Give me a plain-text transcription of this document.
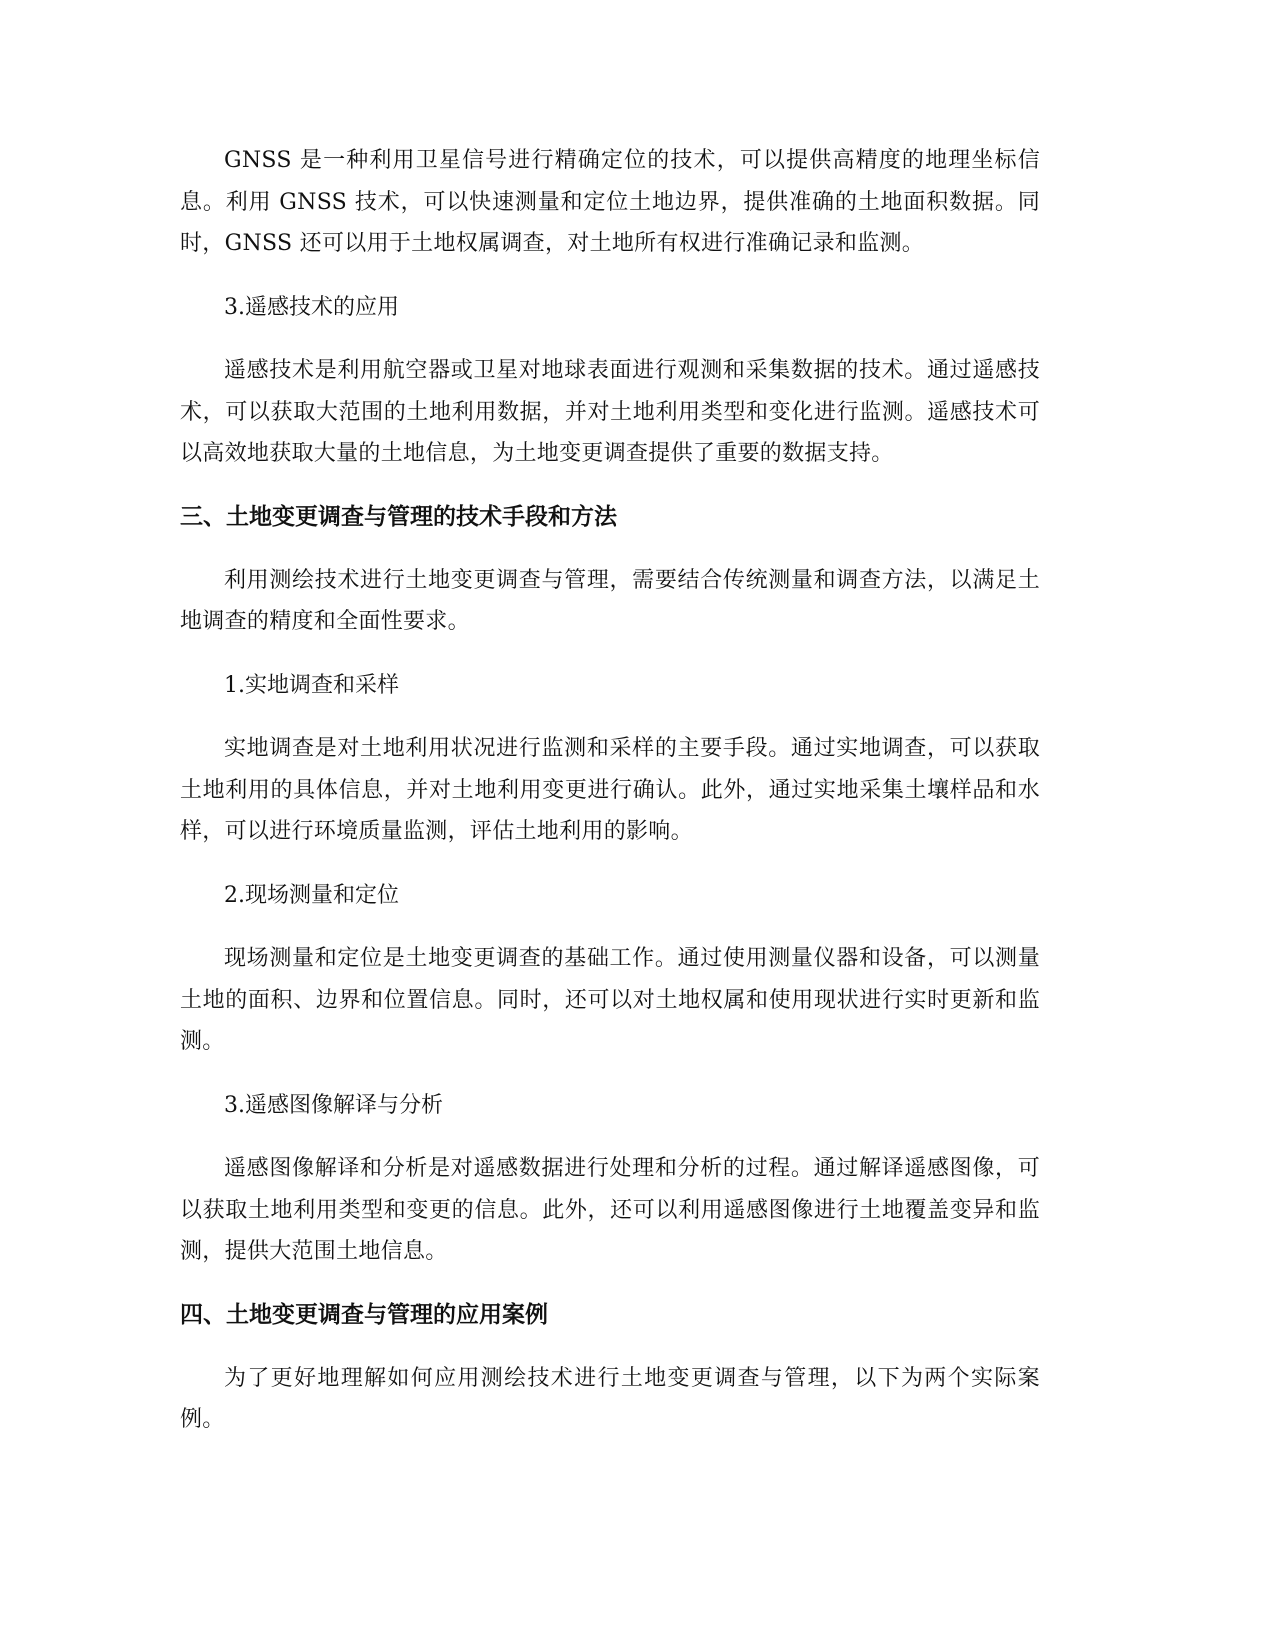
GNSS 是一种利用卫星信号进行精确定位的技术，可以提供高精度的地理坐标信息。利用 GNSS 技术，可以快速测量和定位土地边界，提供准确的土地面积数据。同时，GNSS 还可以用于土地权属调查，对土地所有权进行准确记录和监测。

3.遥感技术的应用

遥感技术是利用航空器或卫星对地球表面进行观测和采集数据的技术。通过遥感技术，可以获取大范围的土地利用数据，并对土地利用类型和变化进行监测。遥感技术可以高效地获取大量的土地信息，为土地变更调查提供了重要的数据支持。

三、土地变更调查与管理的技术手段和方法

利用测绘技术进行土地变更调查与管理，需要结合传统测量和调查方法，以满足土地调查的精度和全面性要求。

1.实地调查和采样

实地调查是对土地利用状况进行监测和采样的主要手段。通过实地调查，可以获取土地利用的具体信息，并对土地利用变更进行确认。此外，通过实地采集土壤样品和水样，可以进行环境质量监测，评估土地利用的影响。

2.现场测量和定位

现场测量和定位是土地变更调查的基础工作。通过使用测量仪器和设备，可以测量土地的面积、边界和位置信息。同时，还可以对土地权属和使用现状进行实时更新和监测。

3.遥感图像解译与分析

遥感图像解译和分析是对遥感数据进行处理和分析的过程。通过解译遥感图像，可以获取土地利用类型和变更的信息。此外，还可以利用遥感图像进行土地覆盖变异和监测，提供大范围土地信息。

四、土地变更调查与管理的应用案例

为了更好地理解如何应用测绘技术进行土地变更调查与管理，以下为两个实际案例。
